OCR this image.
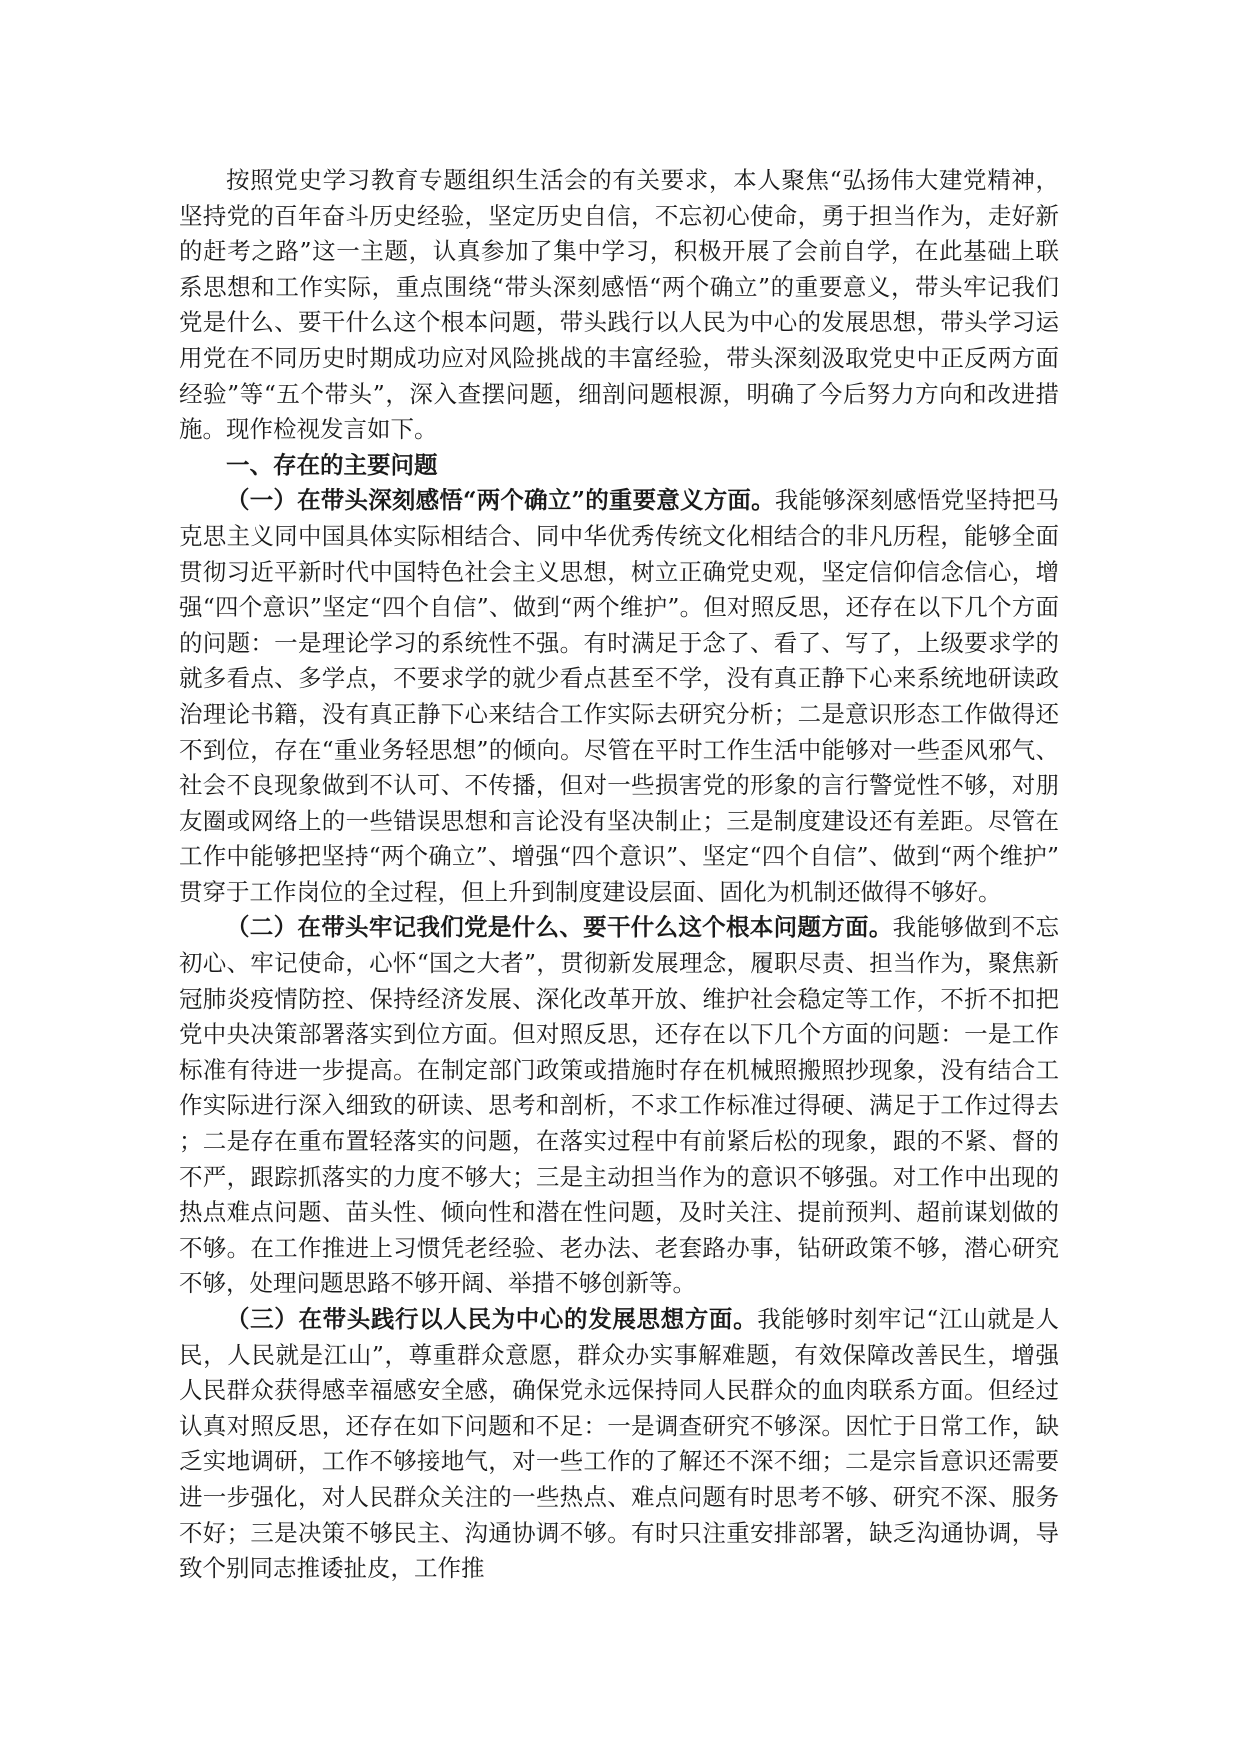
按照党史学习教育专题组织生活会的有关要求，本人聚焦“弘扬伟大建党精神，坚持党的百年奋斗历史经验，坚定历史自信，不忘初心使命，勇于担当作为，走好新的赶考之路”这一主题，认真参加了集中学习，积极开展了会前自学，在此基础上联系思想和工作实际，重点围绕“带头深刻感悟“两个确立”的重要意义，带头牢记我们党是什么、要干什么这个根本问题，带头践行以人民为中心的发展思想，带头学习运用党在不同历史时期成功应对风险挑战的丰富经验，带头深刻汲取党史中正反两方面经验”等“五个带头”，深入查摆问题，细剖问题根源，明确了今后努力方向和改进措施。现作检视发言如下。

一、存在的主要问题

（一）在带头深刻感悟“两个确立”的重要意义方面。我能够深刻感悟党坚持把马克思主义同中国具体实际相结合、同中华优秀传统文化相结合的非凡历程，能够全面贯彻习近平新时代中国特色社会主义思想，树立正确党史观，坚定信仰信念信心，增强“四个意识”坚定“四个自信”、做到“两个维护”。但对照反思，还存在以下几个方面的问题：一是理论学习的系统性不强。有时满足于念了、看了、写了，上级要求学的就多看点、多学点，不要求学的就少看点甚至不学，没有真正静下心来系统地研读政治理论书籍，没有真正静下心来结合工作实际去研究分析；二是意识形态工作做得还不到位，存在“重业务轻思想”的倾向。尽管在平时工作生活中能够对一些歪风邪气、社会不良现象做到不认可、不传播，但对一些损害党的形象的言行警觉性不够，对朋友圈或网络上的一些错误思想和言论没有坚决制止；三是制度建设还有差距。尽管在工作中能够把坚持“两个确立”、增强“四个意识”、坚定“四个自信”、做到“两个维护”贯穿于工作岗位的全过程，但上升到制度建设层面、固化为机制还做得不够好。

（二）在带头牢记我们党是什么、要干什么这个根本问题方面。我能够做到不忘初心、牢记使命，心怀“国之大者”，贯彻新发展理念，履职尽责、担当作为，聚焦新冠肺炎疫情防控、保持经济发展、深化改革开放、维护社会稳定等工作，不折不扣把党中央决策部署落实到位方面。但对照反思，还存在以下几个方面的问题：一是工作标准有待进一步提高。在制定部门政策或措施时存在机械照搬照抄现象，没有结合工作实际进行深入细致的研读、思考和剖析，不求工作标准过得硬、满足于工作过得去；二是存在重布置轻落实的问题，在落实过程中有前紧后松的现象，跟的不紧、督的不严，跟踪抓落实的力度不够大；三是主动担当作为的意识不够强。对工作中出现的热点难点问题、苗头性、倾向性和潜在性问题，及时关注、提前预判、超前谋划做的不够。在工作推进上习惯凭老经验、老办法、老套路办事，钻研政策不够，潜心研究不够，处理问题思路不够开阔、举措不够创新等。

（三）在带头践行以人民为中心的发展思想方面。我能够时刻牢记“江山就是人民，人民就是江山”，尊重群众意愿，群众办实事解难题，有效保障改善民生，增强人民群众获得感幸福感安全感，确保党永远保持同人民群众的血肉联系方面。但经过认真对照反思，还存在如下问题和不足：一是调查研究不够深。因忙于日常工作，缺乏实地调研，工作不够接地气，对一些工作的了解还不深不细；二是宗旨意识还需要进一步强化，对人民群众关注的一些热点、难点问题有时思考不够、研究不深、服务不好；三是决策不够民主、沟通协调不够。有时只注重安排部署，缺乏沟通协调，导致个别同志推诿扯皮，工作推
